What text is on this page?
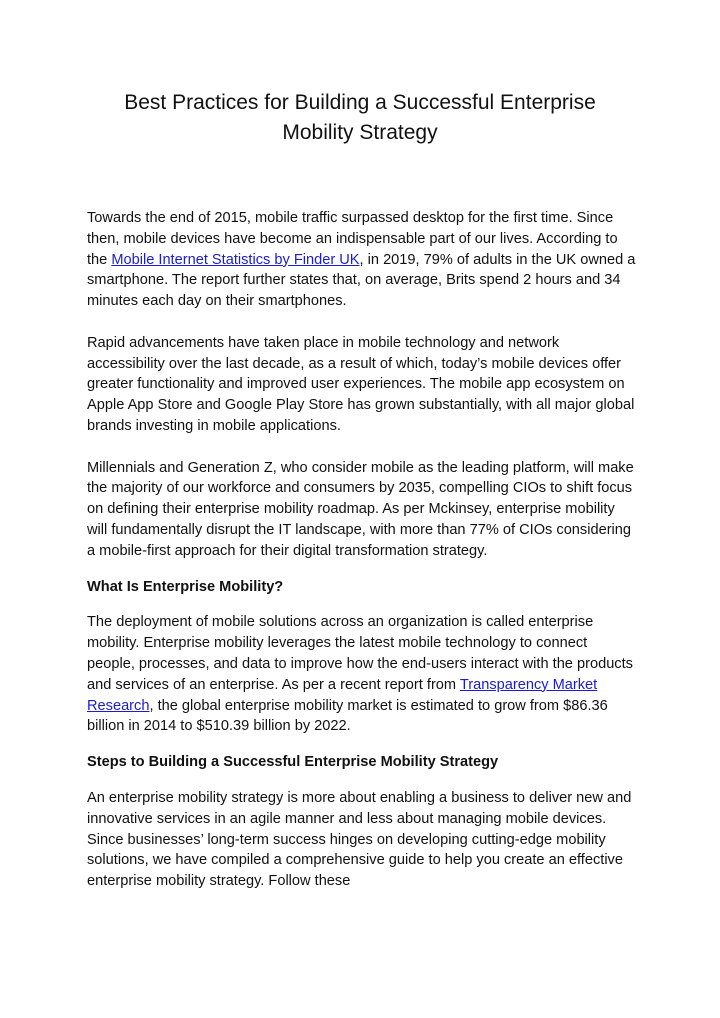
Best Practices for Building a Successful Enterprise
Mobility Strategy

Towards the end of 2015, mobile traffic surpassed desktop for the first time. Since then, mobile devices have become an indispensable part of our lives. According to the Mobile Internet Statistics by Finder UK, in 2019, 79% of adults in the UK owned a smartphone. The report further states that, on average, Brits spend 2 hours and 34 minutes each day on their smartphones.

Rapid advancements have taken place in mobile technology and network accessibility over the last decade, as a result of which, today’s mobile devices offer greater functionality and improved user experiences. The mobile app ecosystem on Apple App Store and Google Play Store has grown substantially, with all major global brands investing in mobile applications.

Millennials and Generation Z, who consider mobile as the leading platform, will make the majority of our workforce and consumers by 2035, compelling CIOs to shift focus on defining their enterprise mobility roadmap. As per Mckinsey, enterprise mobility will fundamentally disrupt the IT landscape, with more than 77% of CIOs considering a mobile-first approach for their digital transformation strategy.

What Is Enterprise Mobility?

The deployment of mobile solutions across an organization is called enterprise mobility. Enterprise mobility leverages the latest mobile technology to connect people, processes, and data to improve how the end-users interact with the products and services of an enterprise. As per a recent report from Transparency Market Research, the global enterprise mobility market is estimated to grow from $86.36 billion in 2014 to $510.39 billion by 2022.

Steps to Building a Successful Enterprise Mobility Strategy

An enterprise mobility strategy is more about enabling a business to deliver new and innovative services in an agile manner and less about managing mobile devices. Since businesses’ long-term success hinges on developing cutting-edge mobility solutions, we have compiled a comprehensive guide to help you create an effective enterprise mobility strategy. Follow these
